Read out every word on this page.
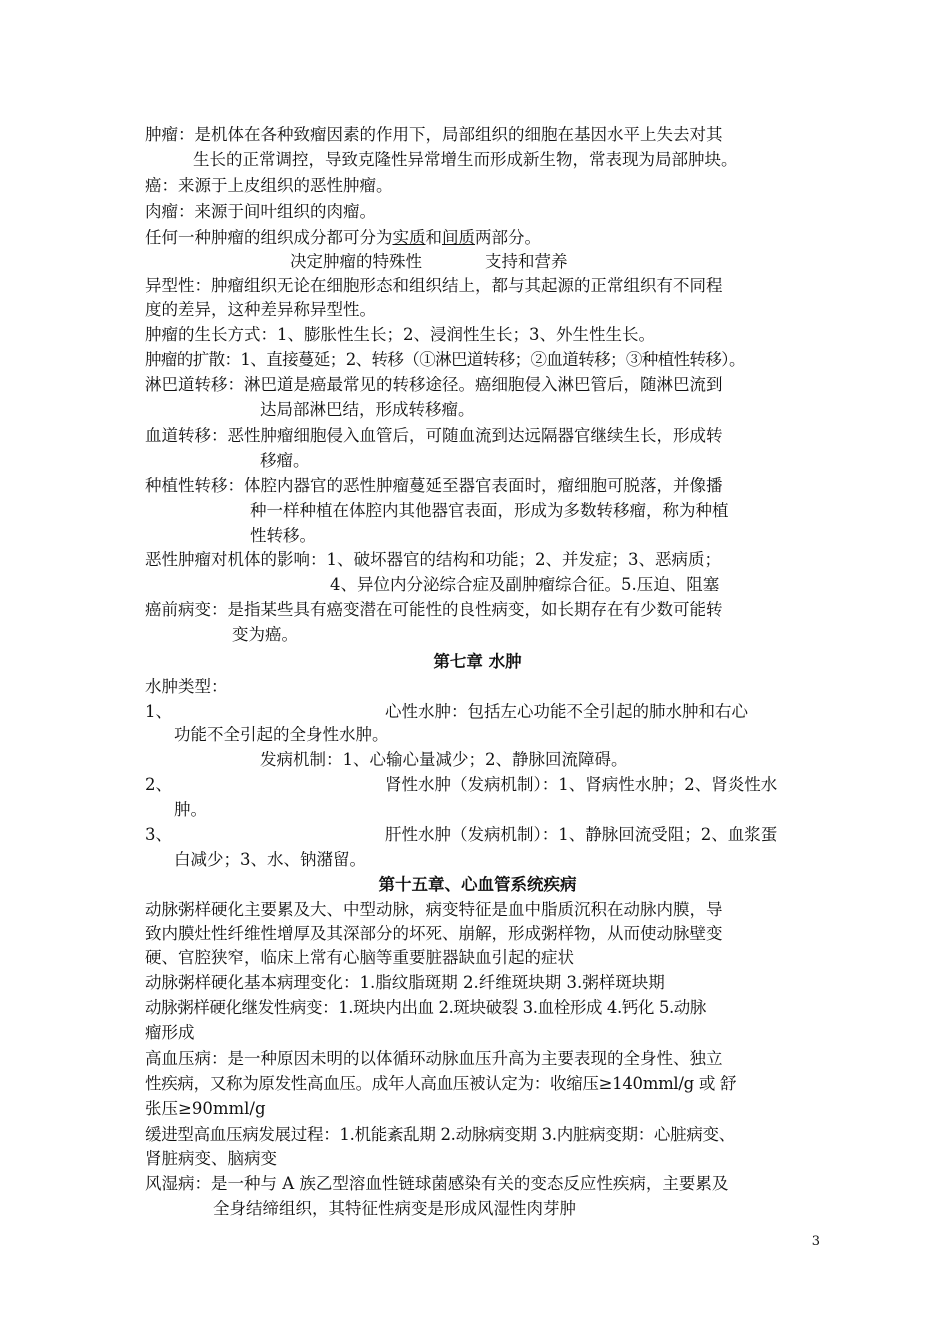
肿瘤：是机体在各种致瘤因素的作用下，局部组织的细胞在基因水平上失去对其
生长的正常调控，导致克隆性异常增生而形成新生物，常表现为局部肿块。
癌：来源于上皮组织的恶性肿瘤。
肉瘤：来源于间叶组织的肉瘤。
任何一种肿瘤的组织成分都可分为实质和间质两部分。
决定肿瘤的特殊性	支持和营养
异型性：肿瘤组织无论在细胞形态和组织结上，都与其起源的正常组织有不同程
度的差异，这种差异称异型性。
肿瘤的生长方式：1、膨胀性生长；2、浸润性生长；3、外生性生长。
肿瘤的扩散：1、直接蔓延；2、转移（①淋巴道转移；②血道转移；③种植性转移）。
淋巴道转移：淋巴道是癌最常见的转移途径。癌细胞侵入淋巴管后，随淋巴流到
达局部淋巴结，形成转移瘤。
血道转移：恶性肿瘤细胞侵入血管后，可随血流到达远隔器官继续生长，形成转
移瘤。
种植性转移：体腔内器官的恶性肿瘤蔓延至器官表面时，瘤细胞可脱落，并像播
种一样种植在体腔内其他器官表面，形成为多数转移瘤，称为种植
性转移。
恶性肿瘤对机体的影响：1、破坏器官的结构和功能；2、并发症；3、恶病质；
4、异位内分泌综合症及副肿瘤综合征。5.压迫、阻塞
癌前病变：是指某些具有癌变潜在可能性的良性病变，如长期存在有少数可能转
变为癌。
第七章 水肿
水肿类型：
1、	心性水肿：包括左心功能不全引起的肺水肿和右心
功能不全引起的全身性水肿。
发病机制：1、心输心量减少；2、静脉回流障碍。
2、	肾性水肿（发病机制）：1、肾病性水肿；2、肾炎性水
肿。
3、	肝性水肿（发病机制）：1、静脉回流受阻；2、血浆蛋
白减少；3、水、钠潴留。
第十五章、心血管系统疾病
动脉粥样硬化主要累及大、中型动脉，病变特征是血中脂质沉积在动脉内膜，导
致内膜灶性纤维性增厚及其深部分的坏死、崩解，形成粥样物，从而使动脉壁变
硬、官腔狭窄，临床上常有心脑等重要脏器缺血引起的症状
动脉粥样硬化基本病理变化：1.脂纹脂斑期 2.纤维斑块期 3.粥样斑块期
动脉粥样硬化继发性病变：1.斑块内出血 2.斑块破裂 3.血栓形成 4.钙化 5.动脉
瘤形成
高血压病：是一种原因未明的以体循环动脉血压升高为主要表现的全身性、独立
性疾病，又称为原发性高血压。成年人高血压被认定为：收缩压≥140mml/g 或 舒
张压≥90mml/g
缓进型高血压病发展过程：1.机能紊乱期 2.动脉病变期 3.内脏病变期：心脏病变、
肾脏病变、脑病变
风湿病：是一种与 A 族乙型溶血性链球菌感染有关的变态反应性疾病，主要累及
全身结缔组织，其特征性病变是形成风湿性肉芽肿
3
